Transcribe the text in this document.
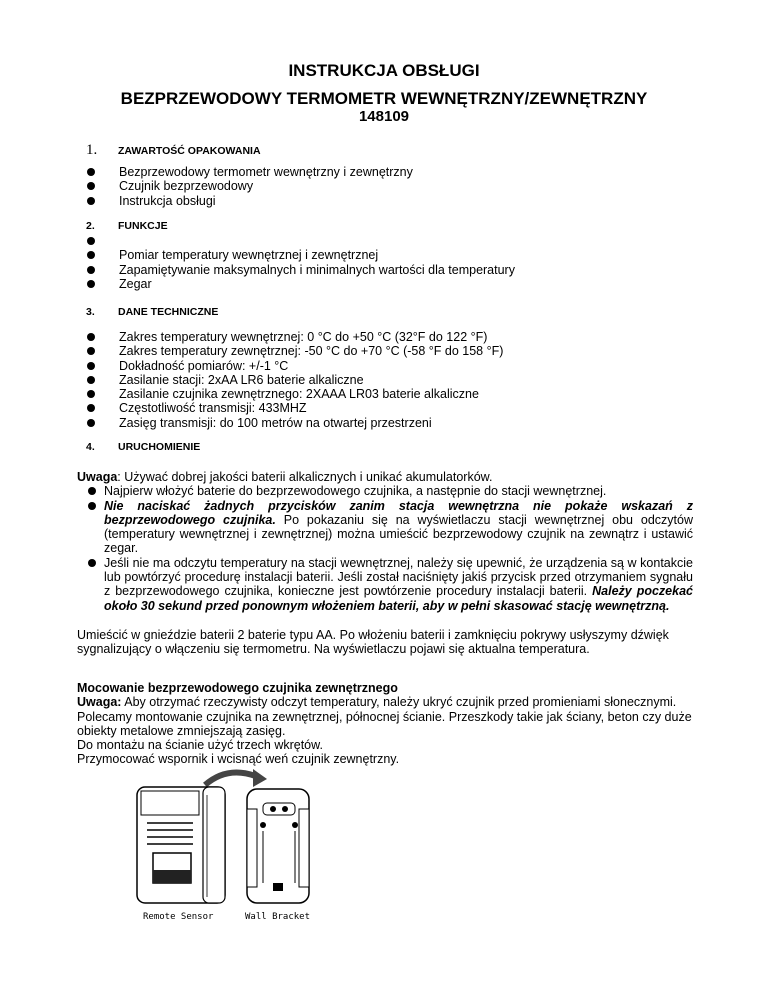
INSTRUKCJA OBSŁUGI
BEZPRZEWODOWY TERMOMETR WEWNĘTRZNY/ZEWNĘTRZNY
148109
1. ZAWARTOŚĆ OPAKOWANIA
Bezprzewodowy termometr wewnętrzny i zewnętrzny
Czujnik bezprzewodowy
Instrukcja obsługi
2. FUNKCJE
Pomiar temperatury wewnętrznej i zewnętrznej
Zapamiętywanie maksymalnych i minimalnych wartości dla temperatury
Zegar
3. DANE TECHNICZNE
Zakres temperatury wewnętrznej: 0 °C do +50 °C (32°F do 122 °F)
Zakres temperatury zewnętrznej: -50 °C do +70 °C (-58 °F do 158 °F)
Dokładność pomiarów: +/-1 °C
Zasilanie stacji: 2xAA LR6 baterie alkaliczne
Zasilanie czujnika zewnętrznego: 2XAAA LR03 baterie alkaliczne
Częstotliwość transmisji: 433MHZ
Zasięg transmisji: do 100 metrów na otwartej przestrzeni
4. URUCHOMIENIE

Uwaga: Używać dobrej jakości baterii alkalicznych i unikać akumulatorków.

Najpierw włożyć baterie do bezprzewodowego czujnika, a następnie do stacji wewnętrznej.
Nie naciskać żadnych przycisków zanim stacja wewnętrzna nie pokaże wskazań z bezprzewodowego czujnika. Po pokazaniu się na wyświetlaczu stacji wewnętrznej obu odczytów (temperatury wewnętrznej i zewnętrznej) można umieścić bezprzewodowy czujnik na zewnątrz i ustawić zegar.
Jeśli nie ma odczytu temperatury na stacji wewnętrznej, należy się upewnić, że urządzenia są w kontakcie lub powtórzyć procedurę instalacji baterii. Jeśli został naciśnięty jakiś przycisk przed otrzymaniem sygnału z bezprzewodowego czujnika, konieczne jest powtórzenie procedury instalacji baterii. Należy poczekać około 30 sekund przed ponownym włożeniem baterii, aby w pełni skasować stację wewnętrzną.

Umieścić w gnieździe baterii 2 baterie typu AA. Po włożeniu baterii i zamknięciu pokrywy usłyszymy dźwięk sygnalizujący o włączeniu się termometru. Na wyświetlaczu pojawi się aktualna temperatura.

Mocowanie bezprzewodowego czujnika zewnętrznego

Uwaga: Aby otrzymać rzeczywisty odczyt temperatury, należy ukryć czujnik przed promieniami słonecznymi.

Polecamy montowanie czujnika na zewnętrznej, północnej ścianie. Przeszkody takie jak ściany, beton czy duże obiekty metalowe zmniejszają zasięg.

Do montażu na ścianie użyć trzech wkrętów.

Przymocować wspornik i wcisnąć weń czujnik zewnętrzny.

Remote Sensor	Wall Bracket
